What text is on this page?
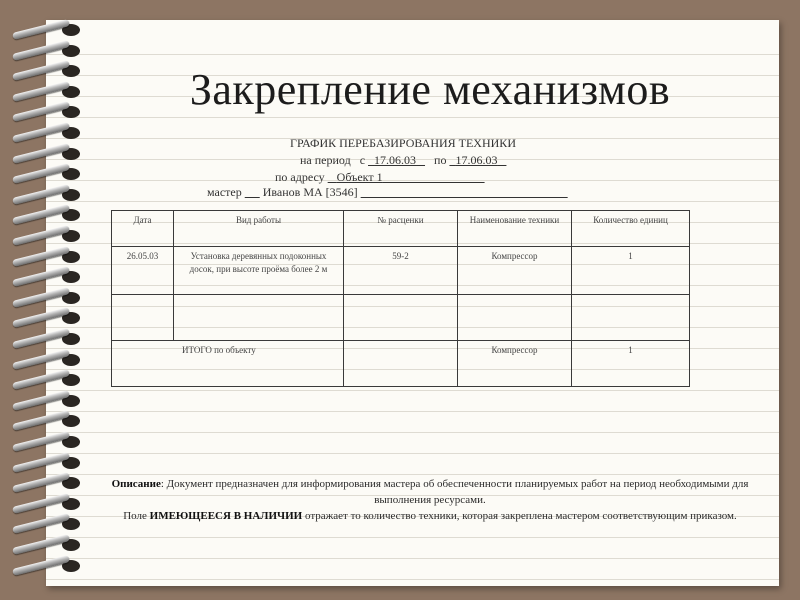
Закрепление механизмов
ГРАФИК ПЕРЕБАЗИРОВАНИЯ ТЕХНИКИ
на период с 17.06.03 по 17.06.03
по адресу Объект 1
мастер Иванов МА [3546]
Дата	Вид работы	№ расценки	Наименование техники	Количество единиц
26.05.03	Установка деревянных подоконных досок, при высоте проёма более 2 м	59-2	Компрессор	1

ИТОГО по объекту			Компрессор	1
Описание: Документ предназначен для информирования мастера об обеспеченности планируемых работ на период необходимыми для выполнения ресурсами.
Поле ИМЕЮЩЕЕСЯ В НАЛИЧИИ отражает то количество техники, которая закреплена мастером соответствующим приказом.
